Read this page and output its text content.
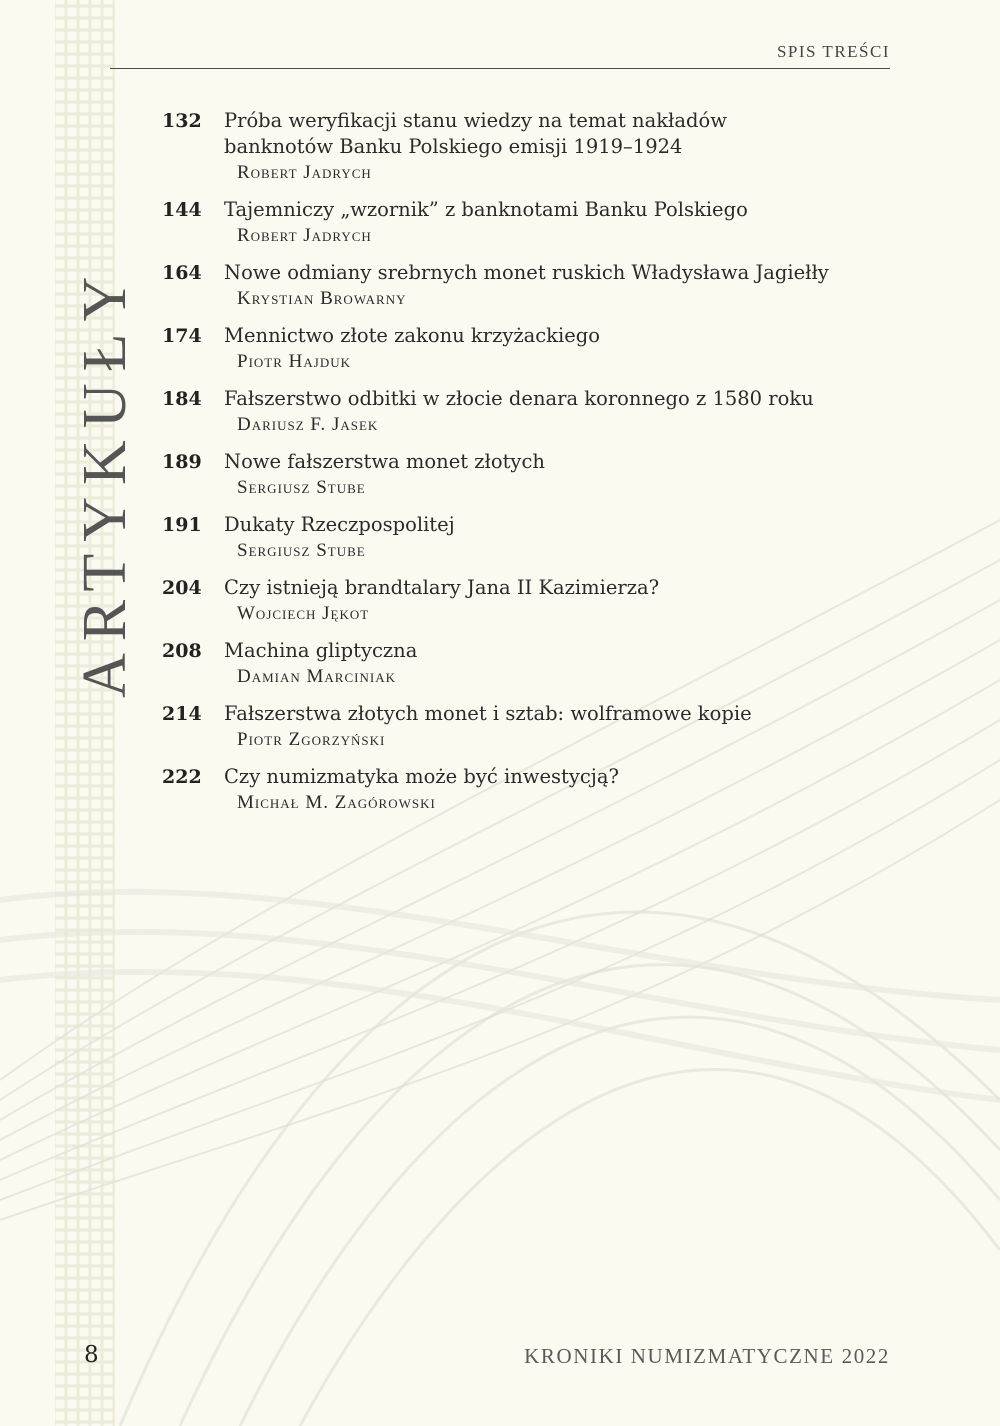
SPIS TREŚCI
ARTYKUŁY
132	Próba weryfikacji stanu wiedzy na temat nakładów
banknotów Banku Polskiego emisji 1919–1924
Robert Jadrych
144	Tajemniczy „wzornik” z banknotami Banku Polskiego
Robert Jadrych
164	Nowe odmiany srebrnych monet ruskich Władysława Jagiełły
Krystian Browarny
174	Mennictwo złote zakonu krzyżackiego
Piotr Hajduk
184	Fałszerstwo odbitki w złocie denara koronnego z 1580 roku
Dariusz F. Jasek
189	Nowe fałszerstwa monet złotych
Sergiusz Stube
191	Dukaty Rzeczpospolitej
Sergiusz Stube
204	Czy istnieją brandtalary Jana II Kazimierza?
Wojciech Jękot
208	Machina gliptyczna
Damian Marciniak
214	Fałszerstwa złotych monet i sztab: wolframowe kopie
Piotr Zgorzyński
222	Czy numizmatyka może być inwestycją?
Michał M. Zagórowski
8	KRONIKI NUMIZMATYCZNE 2022
